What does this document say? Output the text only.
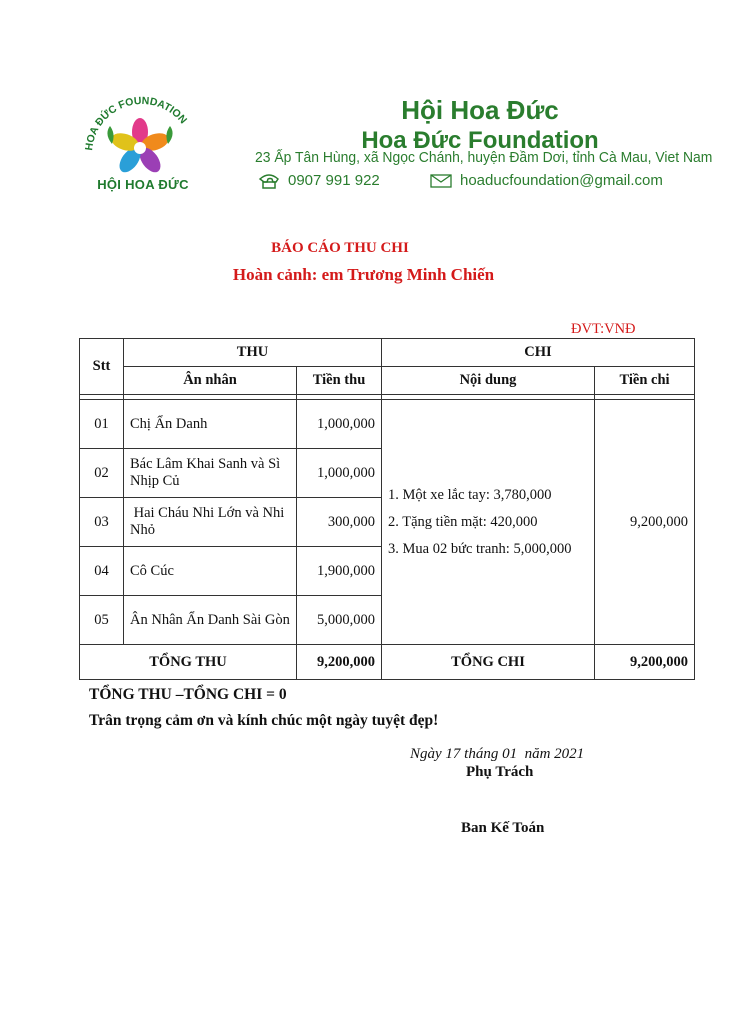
HOA ĐỨC FOUNDATION
HỘI HOA ĐỨC
Hội Hoa Đức
Hoa Đức Foundation
23 Ấp Tân Hùng, xã Ngọc Chánh, huyện Đầm Dơi, tỉnh Cà Mau, Viet Nam
0907 991 922	hoaducfoundation@gmail.com
BÁO CÁO THU CHI
Hoàn cảnh: em Trương Minh Chiến
ĐVT:VNĐ
Stt	THU		CHI	
	Ân nhân	Tiền thu	Nội dung	Tiền chi

01	Chị Ẩn Danh	1,000,000	1. Một xe lắc tay: 3,780,000
2. Tặng tiền mặt: 420,000
3. Mua 02 bức tranh: 5,000,000	9,200,000
02	Bác Lâm Khai Sanh và Sì Nhịp Củ	1,000,000		
03	Hai Cháu Nhi Lớn và Nhi Nhỏ	300,000		
04	Cô Cúc	1,900,000		
05	Ân Nhân Ẩn Danh Sài Gòn	5,000,000		
TỔNG THU		9,200,000	TỔNG CHI	9,200,000
TỔNG THU –TỔNG CHI = 0
Trân trọng cảm ơn và kính chúc một ngày tuyệt đẹp!
Ngày 17 tháng 01  năm 2021
Phụ Trách
Ban Kế Toán
